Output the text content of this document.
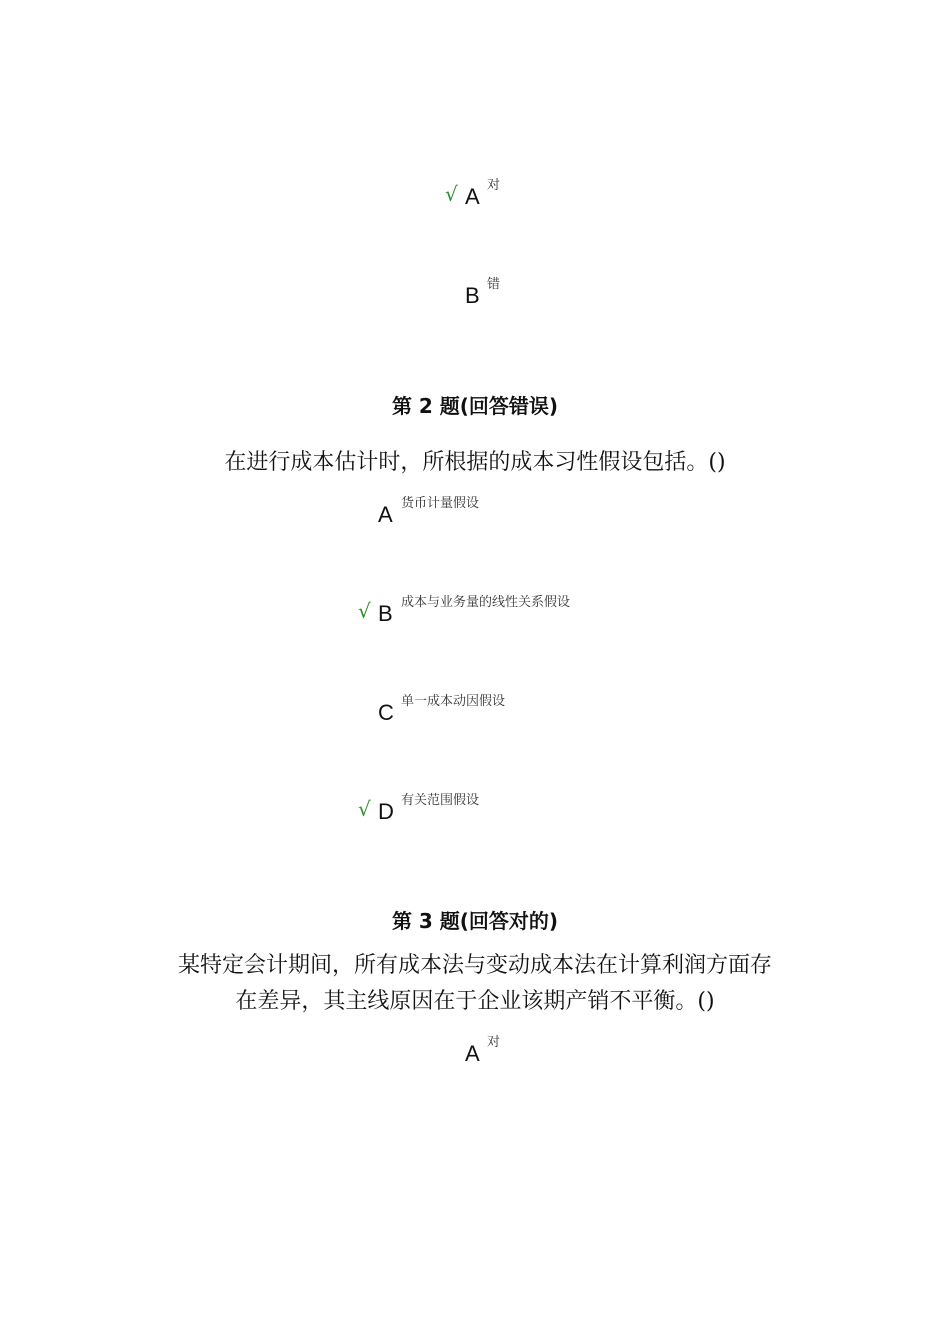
√ A 对
B 错
第 2 题(回答错误)
在进行成本估计时，所根据的成本习性假设包括。()
A 货币计量假设
√ B 成本与业务量的线性关系假设
C 单一成本动因假设
√ D 有关范围假设
第 3 题(回答对的)
某特定会计期间，所有成本法与变动成本法在计算利润方面存
在差异，其主线原因在于企业该期产销不平衡。()
A 对
